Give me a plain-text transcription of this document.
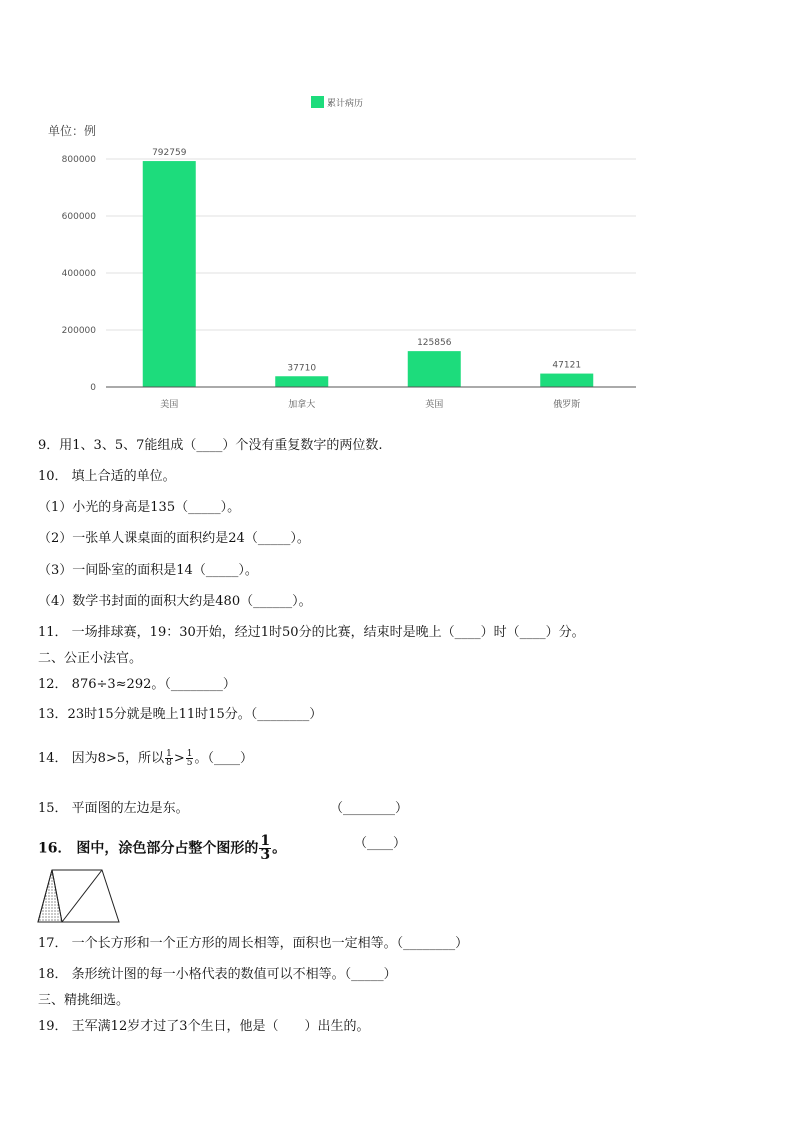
0
200000
400000
600000
800000
792759
37710
125856
47121
美国	加拿大	英国	俄罗斯
累计病历
单位：例
9．用1、3、5、7能组成（____）个没有重复数字的两位数.
10． 填上合适的单位。
（1）小光的身高是135（_____）。
（2）一张单人课桌面的面积约是24（_____）。
（3）一间卧室的面积是14（_____）。
（4）数学书封面的面积大约是480（______）。
11． 一场排球赛，19：30开始，经过1时50分的比赛，结束时是晚上（____）时（____）分。
二、公正小法官。
12． 876÷3≈292。（________）
13．23时15分就是晚上11时15分。（________）
14． 因为8>5，所以 $\frac{1}{8} > \frac{1}{5}$ 。（____）
15． 平面图的左边是东。	（________）
16． 图中，涂色部分占整个图形的 $\frac{1}{3}$ 。	（____）
17． 一个长方形和一个正方形的周长相等，面积也一定相等。（________）
18． 条形统计图的每一小格代表的数值可以不相等。（_____）
三、精挑细选。
19． 王军满12岁才过了3个生日，他是（　　）出生的。
